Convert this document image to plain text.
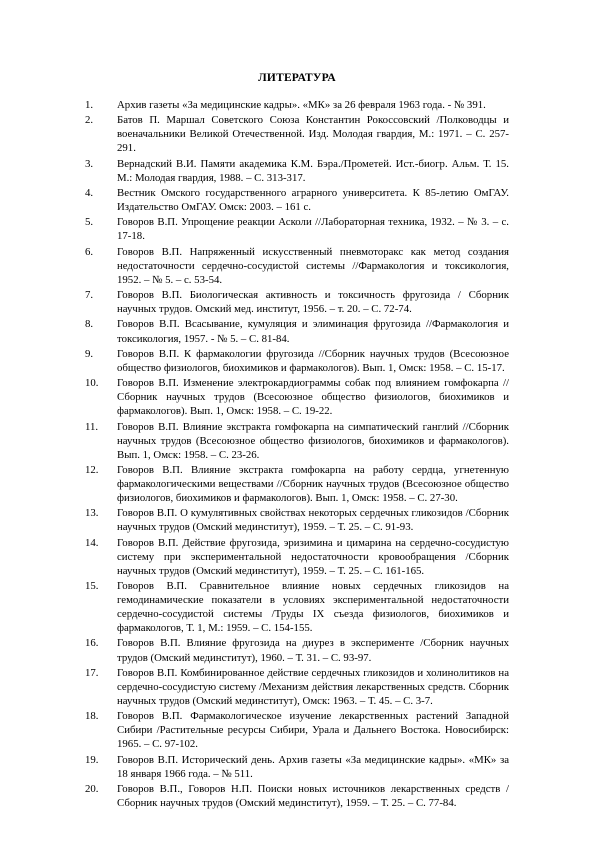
ЛИТЕРАТУРА
1. Архив газеты «За медицинские кадры». «МК» за 26 февраля 1963 года. - № 391.
2. Батов П. Маршал Советского Союза Константин Рокоссовский /Полководцы и военачальники Великой Отечественной. Изд. Молодая гвардия, М.: 1971. – С. 257-291.
3. Вернадский В.И. Памяти академика К.М. Бэра./Прометей. Ист.-биогр. Альм. Т. 15. М.: Молодая гвардия, 1988. – С. 313-317.
4. Вестник Омского государственного аграрного университета. К 85-летию ОмГАУ. Издательство ОмГАУ. Омск: 2003. – 161 с.
5. Говоров В.П. Упрощение реакции Асколи //Лабораторная техника, 1932. – № 3. – с. 17-18.
6. Говоров В.П. Напряженный искусственный пневмоторакс как метод создания недостаточности сердечно-сосудистой системы //Фармакология и токсикология, 1952. – № 5. – с. 53-54.
7. Говоров В.П. Биологическая активность и токсичность фругозида / Сборник научных трудов. Омский мед. институт, 1956. – т. 20. – С. 72-74.
8. Говоров В.П. Всасывание, кумуляция и элиминация фругозида //Фармакология и токсикология, 1957. - № 5. – С. 81-84.
9. Говоров В.П. К фармакологии фругозида //Сборник научных трудов (Всесоюзное общество физиологов, биохимиков и фармакологов). Вып. 1, Омск: 1958. – С. 15-17.
10. Говоров В.П. Изменение электрокардиограммы собак под влиянием гомфокарпа //Сборник научных трудов (Всесоюзное общество физиологов, биохимиков и фармакологов). Вып. 1, Омск: 1958. – С. 19-22.
11. Говоров В.П. Влияние экстракта гомфокарпа на симпатический ганглий //Сборник научных трудов (Всесоюзное общество физиологов, биохимиков и фармакологов). Вып. 1, Омск: 1958. – С. 23-26.
12. Говоров В.П. Влияние экстракта гомфокарпа на работу сердца, угнетенную фармакологическими веществами //Сборник научных трудов (Всесоюзное общество физиологов, биохимиков и фармакологов). Вып. 1, Омск: 1958. – С. 27-30.
13. Говоров В.П. О кумулятивных свойствах некоторых сердечных гликозидов /Сборник научных трудов (Омский мединститут), 1959. – Т. 25. – С. 91-93.
14. Говоров В.П. Действие фругозида, эризимина и цимарина на сердечно-сосудистую систему при экспериментальной недостаточности кровообращения /Сборник научных трудов (Омский мединститут), 1959. – Т. 25. – С. 161-165.
15. Говоров В.П. Сравнительное влияние новых сердечных гликозидов на гемодинамические показатели в условиях экспериментальной недостаточности сердечно-сосудистой системы /Труды IX съезда физиологов, биохимиков и фармакологов, Т. 1, М.: 1959. – С. 154-155.
16. Говоров В.П. Влияние фругозида на диурез в эксперименте /Сборник научных трудов (Омский мединститут), 1960. – Т. 31. – С. 93-97.
17. Говоров В.П. Комбинированное действие сердечных гликозидов и холинолитиков на сердечно-сосудистую систему /Механизм действия лекарственных средств. Сборник научных трудов (Омский мединститут), Омск: 1963. – Т. 45. – С. 3-7.
18. Говоров В.П. Фармакологическое изучение лекарственных растений Западной Сибири /Растительные ресурсы Сибири, Урала и Дальнего Востока. Новосибирск: 1965. – С. 97-102.
19. Говоров В.П. Исторический день. Архив газеты «За медицинские кадры». «МК» за 18 января 1966 года. – № 511.
20. Говоров В.П., Говоров Н.П. Поиски новых источников лекарственных средств /Сборник научных трудов (Омский мединститут), 1959. – Т. 25. – С. 77-84.
